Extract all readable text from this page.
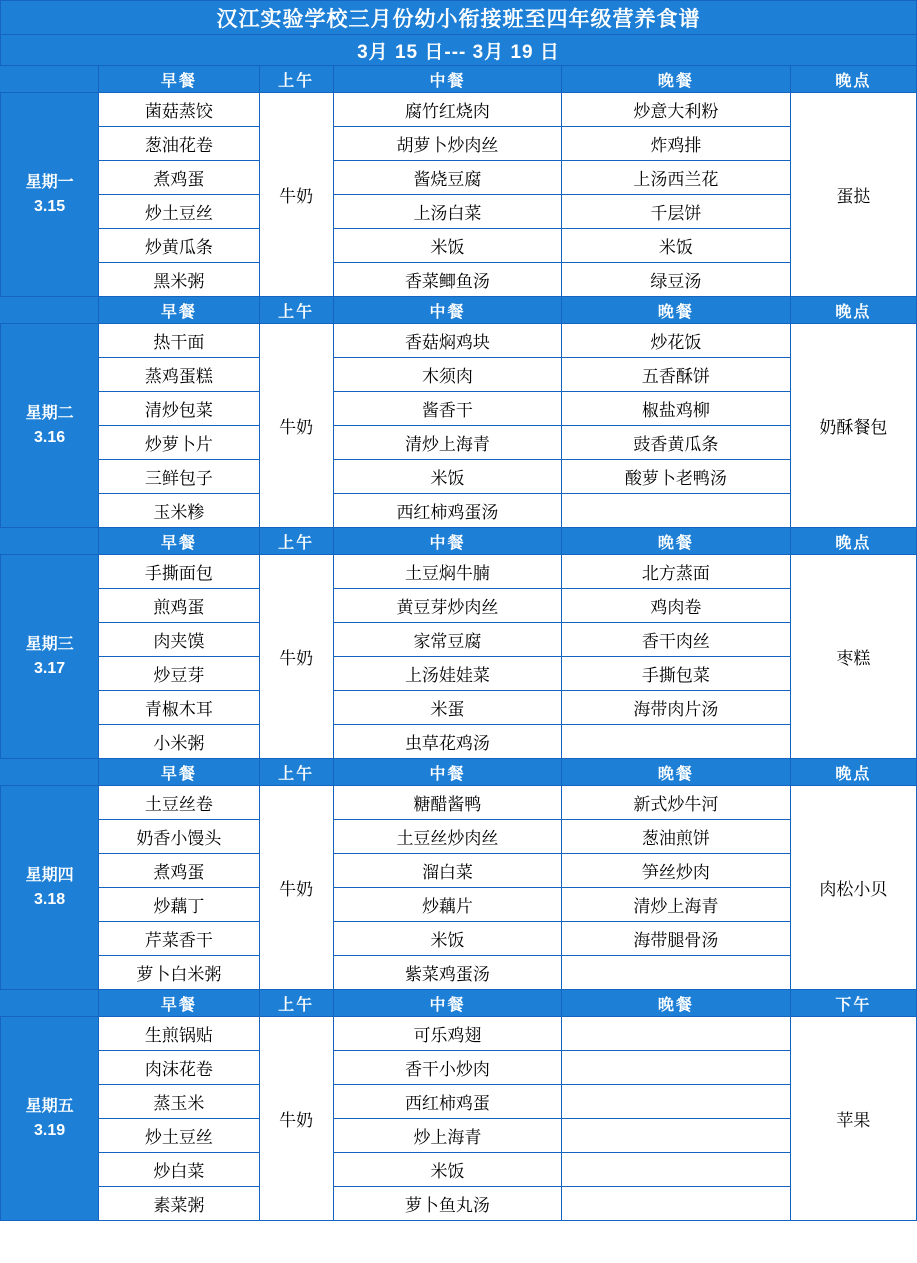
汉江实验学校三月份幼小衔接班至四年级营养食谱					
3月 15 日--- 3月 19 日					
	早餐	上午	中餐	晚餐	晚点

星期一
3.15	菌菇蒸饺	牛奶	腐竹红烧肉	炒意大利粉	蛋挞
	葱油花卷		胡萝卜炒肉丝	炸鸡排	
	煮鸡蛋		酱烧豆腐	上汤西兰花	
	炒土豆丝		上汤白菜	千层饼	
	炒黄瓜条		米饭	米饭	
	黑米粥		香菜鲫鱼汤	绿豆汤	
	早餐	上午	中餐	晚餐	晚点

星期二
3.16	热干面	牛奶	香菇焖鸡块	炒花饭	奶酥餐包
	蒸鸡蛋糕		木须肉	五香酥饼	
	清炒包菜		酱香干	椒盐鸡柳	
	炒萝卜片		清炒上海青	豉香黄瓜条	
	三鲜包子		米饭	酸萝卜老鸭汤	
	玉米糁		西红柿鸡蛋汤		
	早餐	上午	中餐	晚餐	晚点

星期三
3.17	手撕面包	牛奶	土豆焖牛腩	北方蒸面	枣糕
	煎鸡蛋		黄豆芽炒肉丝	鸡肉卷	
	肉夹馍		家常豆腐	香干肉丝	
	炒豆芽		上汤娃娃菜	手撕包菜	
	青椒木耳		米蛋	海带肉片汤	
	小米粥		虫草花鸡汤		
	早餐	上午	中餐	晚餐	晚点

星期四
3.18	土豆丝卷	牛奶	糖醋酱鸭	新式炒牛河	肉松小贝
	奶香小馒头		土豆丝炒肉丝	葱油煎饼	
	煮鸡蛋		溜白菜	笋丝炒肉	
	炒藕丁		炒藕片	清炒上海青	
	芹菜香干		米饭	海带腿骨汤	
	萝卜白米粥		紫菜鸡蛋汤		
	早餐	上午	中餐	晚餐	下午

星期五
3.19	生煎锅贴	牛奶	可乐鸡翅		苹果
	肉沫花卷		香干小炒肉		
	蒸玉米		西红柿鸡蛋		
	炒土豆丝		炒上海青		
	炒白菜		米饭		
	素菜粥		萝卜鱼丸汤		
